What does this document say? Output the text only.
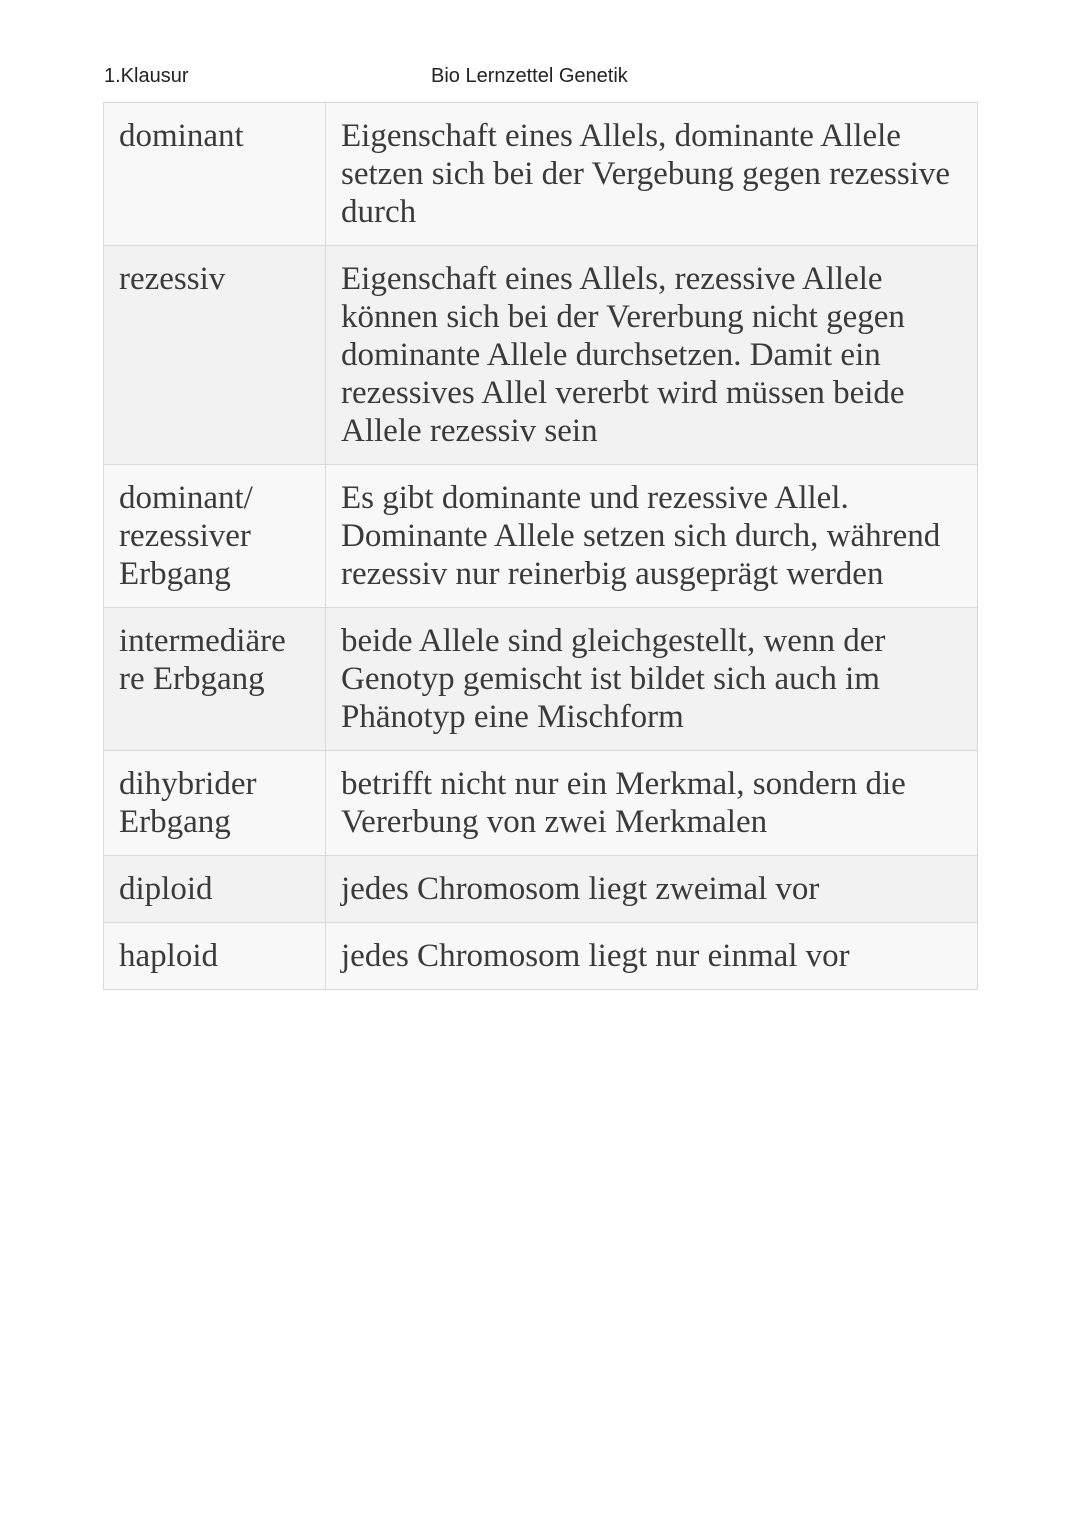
1.Klausur	Bio Lernzettel Genetik
dominant	Eigenschaft eines Allels, dominante Allele setzen sich bei der Vergebung gegen rezessive durch
rezessiv	Eigenschaft eines Allels, rezessive Allele können sich bei der Vererbung nicht gegen dominante Allele durchsetzen. Damit ein rezessives Allel vererbt wird müssen beide Allele rezessiv sein
dominant/ rezessiver Erbgang	Es gibt dominante und rezessive Allel. Dominante Allele setzen sich durch, während rezessiv nur reinerbig ausgeprägt werden
intermediäre re Erbgang	beide Allele sind gleichgestellt, wenn der Genotyp gemischt ist bildet sich auch im Phänotyp eine Mischform
dihybrider Erbgang	betrifft nicht nur ein Merkmal, sondern die Vererbung von zwei Merkmalen
diploid	jedes Chromosom liegt zweimal vor
haploid	jedes Chromosom liegt nur einmal vor
